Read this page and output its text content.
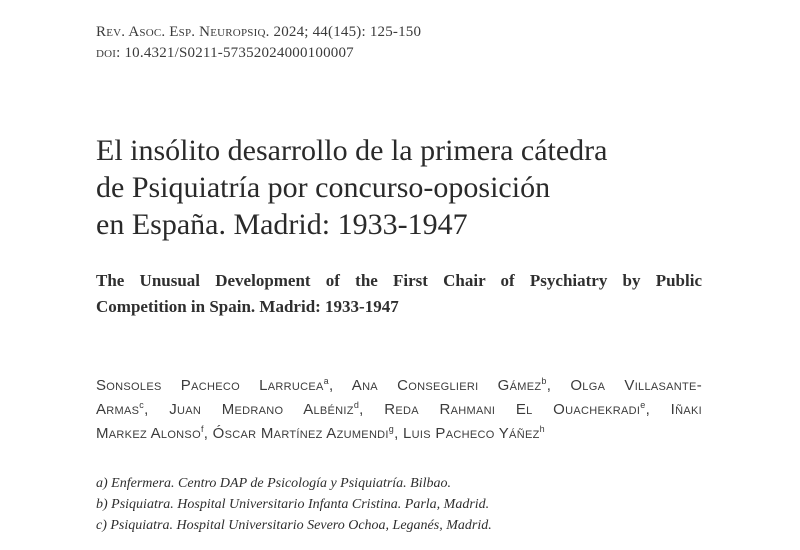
Rev. Asoc. Esp. Neuropsiq. 2024; 44(145): 125-150
doi: 10.4321/S0211-57352024000100007
El insólito desarrollo de la primera cátedra
de Psiquiatría por concurso-oposición
en España. Madrid: 1933-1947
The Unusual Development of the First Chair of Psychiatry by Public
Competition in Spain. Madrid: 1933-1947
Sonsoles Pacheco Larrucea$^a$, Ana Conseglieri Gámez$^b$, Olga Villasante-
Armas$^c$, Juan Medrano Albéniz$^d$, Reda Rahmani El Ouachekradi$^e$, Iñaki
Markez Alonso$^f$, Óscar Martínez Azumendi$^g$, Luis Pacheco Yáñez$^h$
a) Enfermera. Centro DAP de Psicología y Psiquiatría. Bilbao.
b) Psiquiatra. Hospital Universitario Infanta Cristina. Parla, Madrid.
c) Psiquiatra. Hospital Universitario Severo Ochoa, Leganés, Madrid.
